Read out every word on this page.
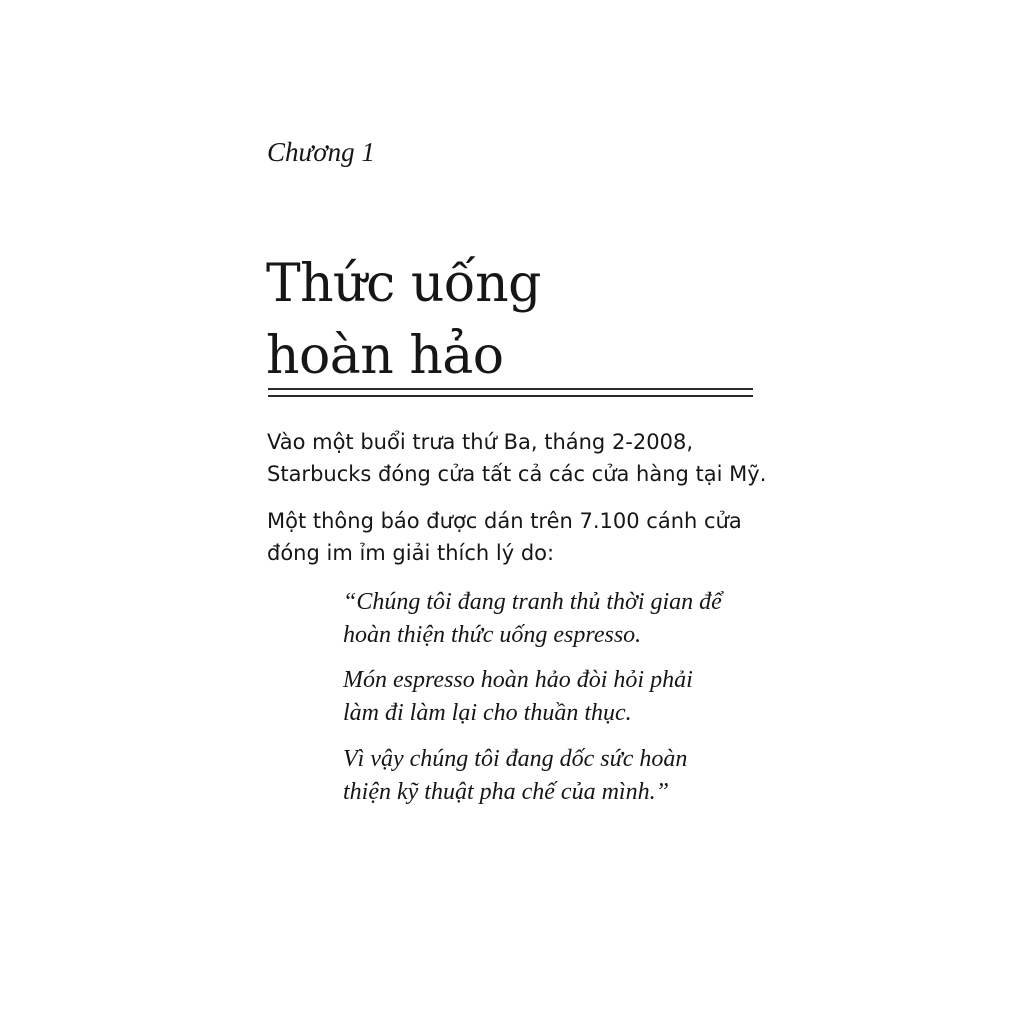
Chương 1
Thức uống
hoàn hảo

Vào một buổi trưa thứ Ba, tháng 2-2008,
Starbucks đóng cửa tất cả các cửa hàng tại Mỹ.

Một thông báo được dán trên 7.100 cánh cửa
đóng im ỉm giải thích lý do:

“Chúng tôi đang tranh thủ thời gian để
hoàn thiện thức uống espresso.

Món espresso hoàn hảo đòi hỏi phải
làm đi làm lại cho thuần thục.

Vì vậy chúng tôi đang dốc sức hoàn
thiện kỹ thuật pha chế của mình.”
